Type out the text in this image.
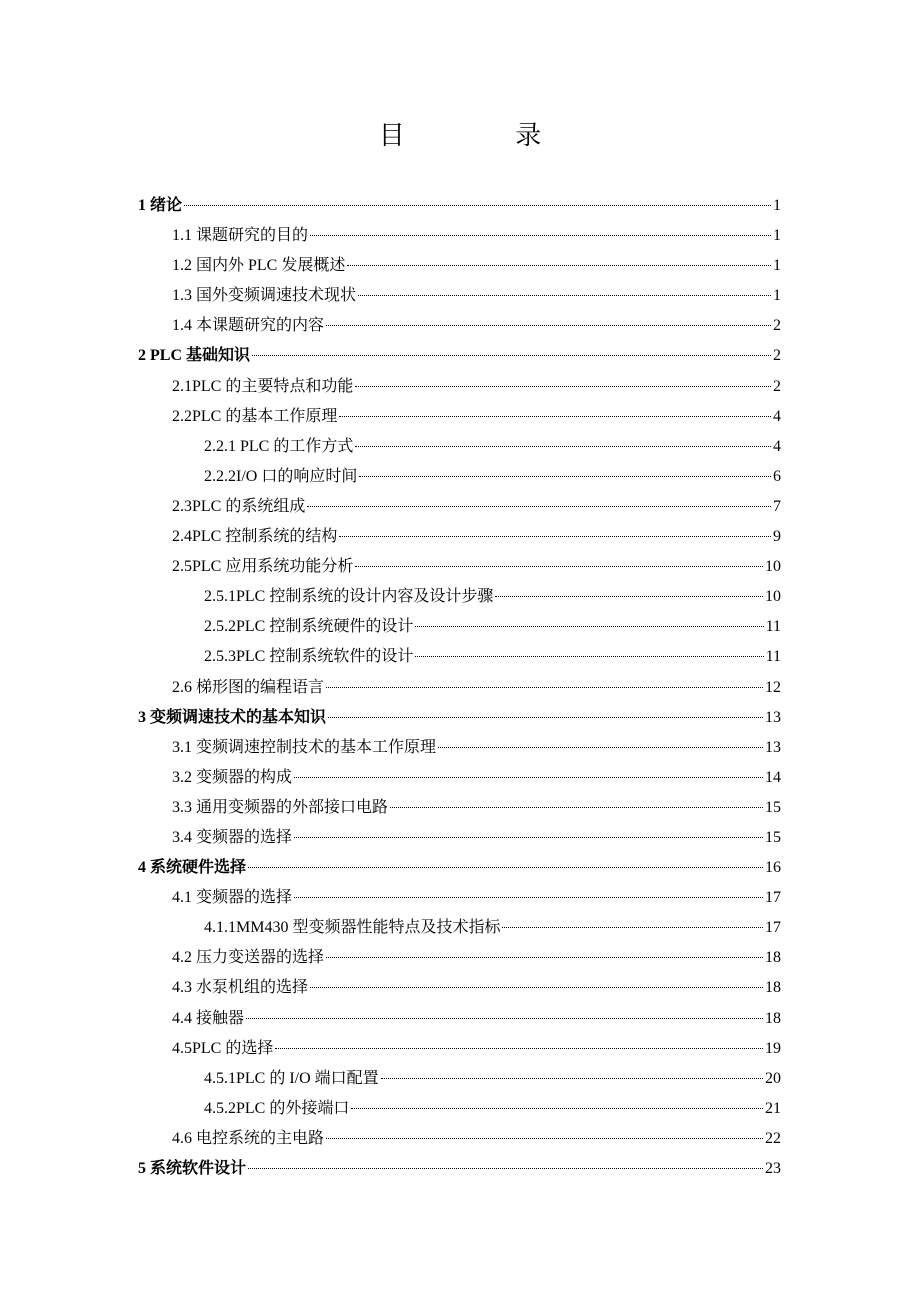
目 录
1 绪论	1
1.1 课题研究的目的	1
1.2 国内外 PLC 发展概述	1
1.3 国外变频调速技术现状	1
1.4 本课题研究的内容	2
2 PLC 基础知识	2
2.1PLC 的主要特点和功能	2
2.2PLC 的基本工作原理	4
2.2.1 PLC 的工作方式	4
2.2.2I/O 口的响应时间	6
2.3PLC 的系统组成	7
2.4PLC 控制系统的结构	9
2.5PLC 应用系统功能分析	10
2.5.1PLC 控制系统的设计内容及设计步骤	10
2.5.2PLC 控制系统硬件的设计	11
2.5.3PLC 控制系统软件的设计	11
2.6 梯形图的编程语言	12
3 变频调速技术的基本知识	13
3.1 变频调速控制技术的基本工作原理	13
3.2 变频器的构成	14
3.3 通用变频器的外部接口电路	15
3.4 变频器的选择	15
4 系统硬件选择	16
4.1 变频器的选择	17
4.1.1MM430 型变频器性能特点及技术指标	17
4.2 压力变送器的选择	18
4.3 水泵机组的选择	18
4.4 接触器	18
4.5PLC 的选择	19
4.5.1PLC 的 I/O 端口配置	20
4.5.2PLC 的外接端口	21
4.6 电控系统的主电路	22
5 系统软件设计	23
